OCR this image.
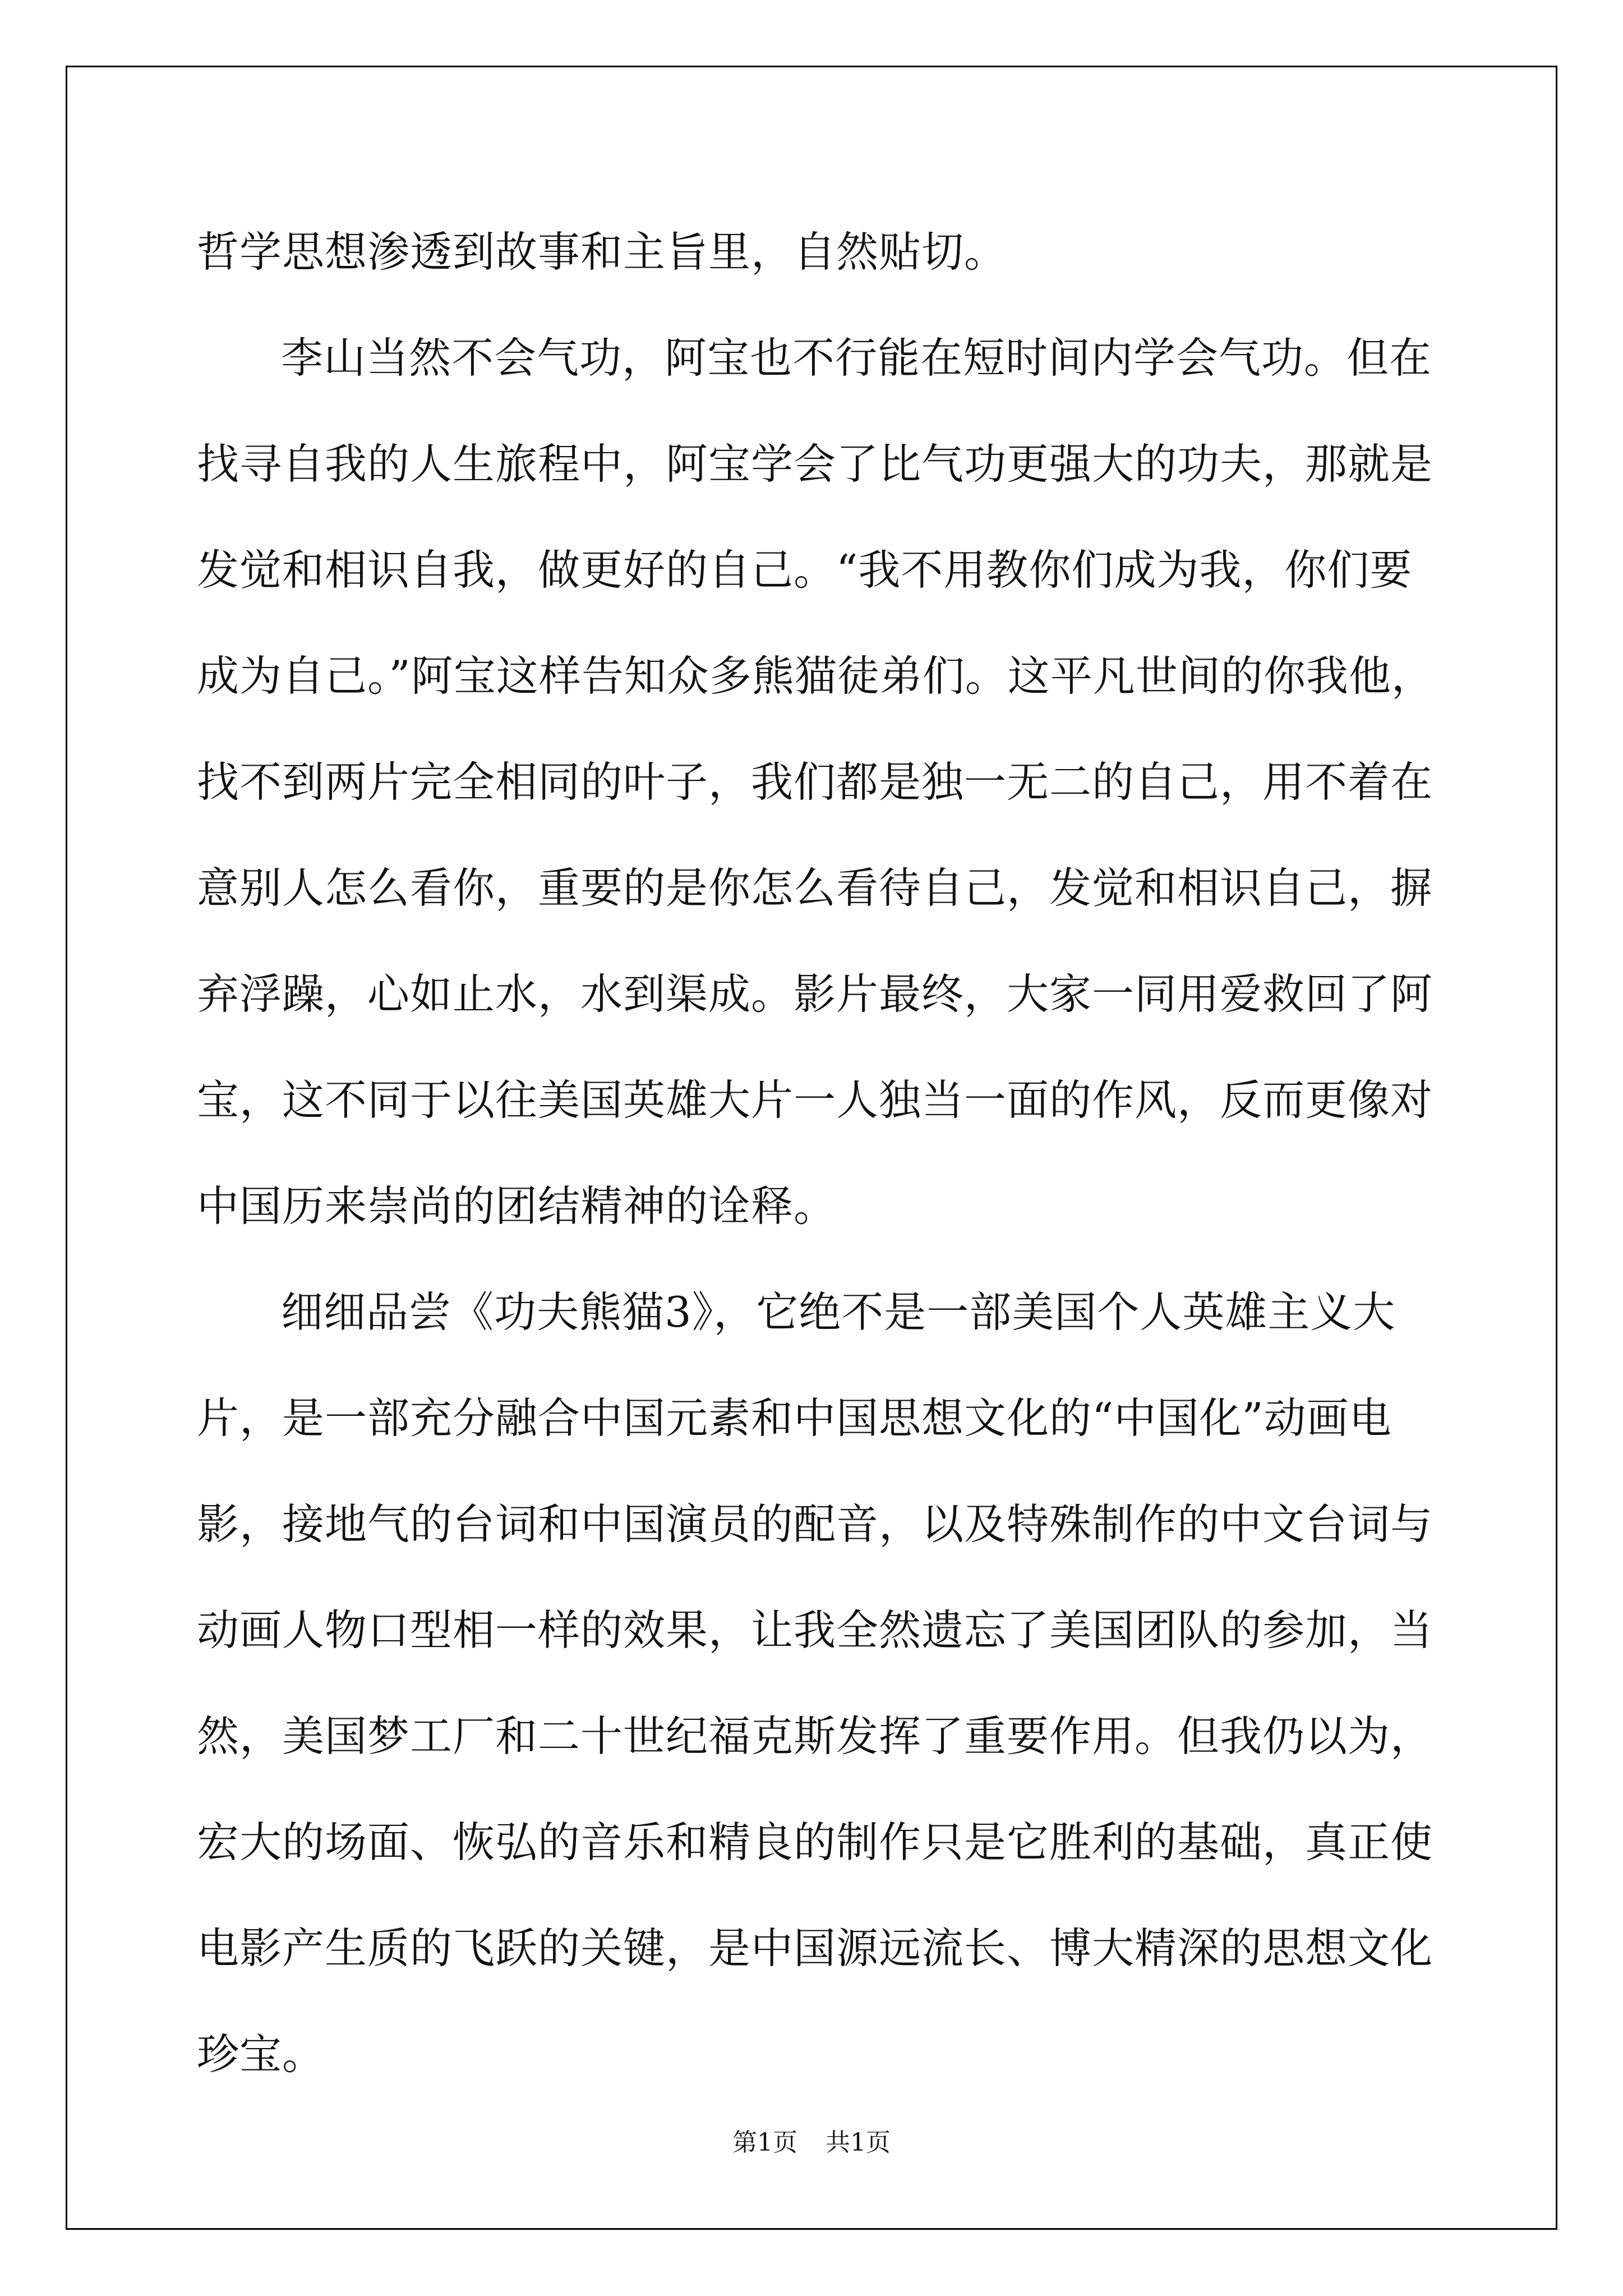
哲学思想渗透到故事和主旨里，自然贴切。

李山当然不会气功，阿宝也不行能在短时间内学会气功。但在找寻自我的人生旅程中，阿宝学会了比气功更强大的功夫，那就是发觉和相识自我，做更好的自己。“我不用教你们成为我，你们要成为自己。”阿宝这样告知众多熊猫徒弟们。这平凡世间的你我他，找不到两片完全相同的叶子，我们都是独一无二的自己，用不着在意别人怎么看你，重要的是你怎么看待自己，发觉和相识自己，摒弃浮躁，心如止水，水到渠成。影片最终，大家一同用爱救回了阿宝，这不同于以往美国英雄大片一人独当一面的作风，反而更像对中国历来崇尚的团结精神的诠释。

细细品尝《功夫熊猫3》，它绝不是一部美国个人英雄主义大片，是一部充分融合中国元素和中国思想文化的“中国化”动画电影，接地气的台词和中国演员的配音，以及特殊制作的中文台词与动画人物口型相一样的效果，让我全然遗忘了美国团队的参加，当然，美国梦工厂和二十世纪福克斯发挥了重要作用。但我仍以为，宏大的场面、恢弘的音乐和精良的制作只是它胜利的基础，真正使电影产生质的飞跃的关键，是中国源远流长、博大精深的思想文化珍宝。

第1页 共1页
